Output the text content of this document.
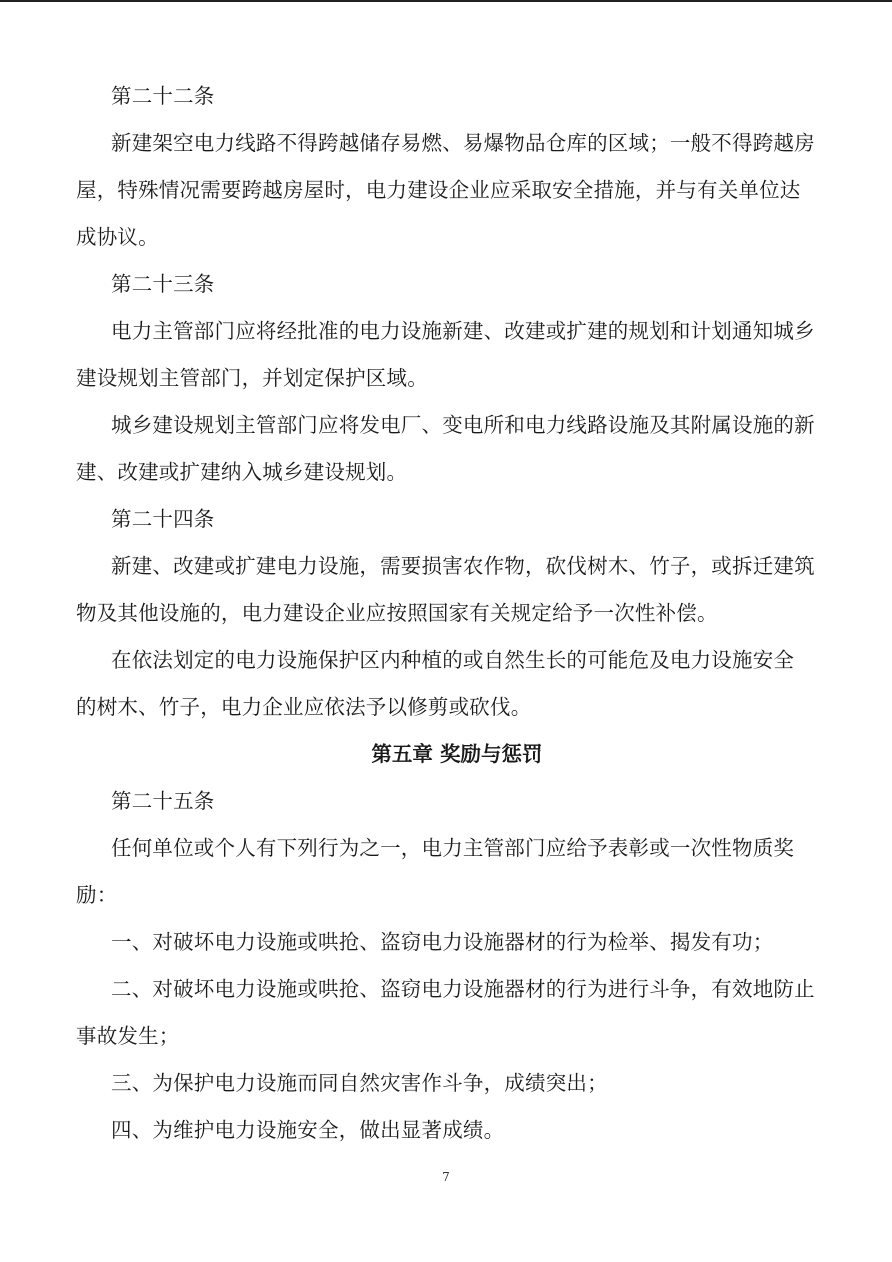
第二十二条

新建架空电力线路不得跨越储存易燃、易爆物品仓库的区域；一般不得跨越房

屋，特殊情况需要跨越房屋时，电力建设企业应采取安全措施，并与有关单位达

成协议。

第二十三条

电力主管部门应将经批准的电力设施新建、改建或扩建的规划和计划通知城乡

建设规划主管部门，并划定保护区域。

城乡建设规划主管部门应将发电厂、变电所和电力线路设施及其附属设施的新

建、改建或扩建纳入城乡建设规划。

第二十四条

新建、改建或扩建电力设施，需要损害农作物，砍伐树木、竹子，或拆迁建筑

物及其他设施的，电力建设企业应按照国家有关规定给予一次性补偿。

在依法划定的电力设施保护区内种植的或自然生长的可能危及电力设施安全

的树木、竹子，电力企业应依法予以修剪或砍伐。

第五章 奖励与惩罚

第二十五条

任何单位或个人有下列行为之一，电力主管部门应给予表彰或一次性物质奖

励：

一、对破坏电力设施或哄抢、盗窃电力设施器材的行为检举、揭发有功；

二、对破坏电力设施或哄抢、盗窃电力设施器材的行为进行斗争，有效地防止

事故发生；

三、为保护电力设施而同自然灾害作斗争，成绩突出；

四、为维护电力设施安全，做出显著成绩。

7
